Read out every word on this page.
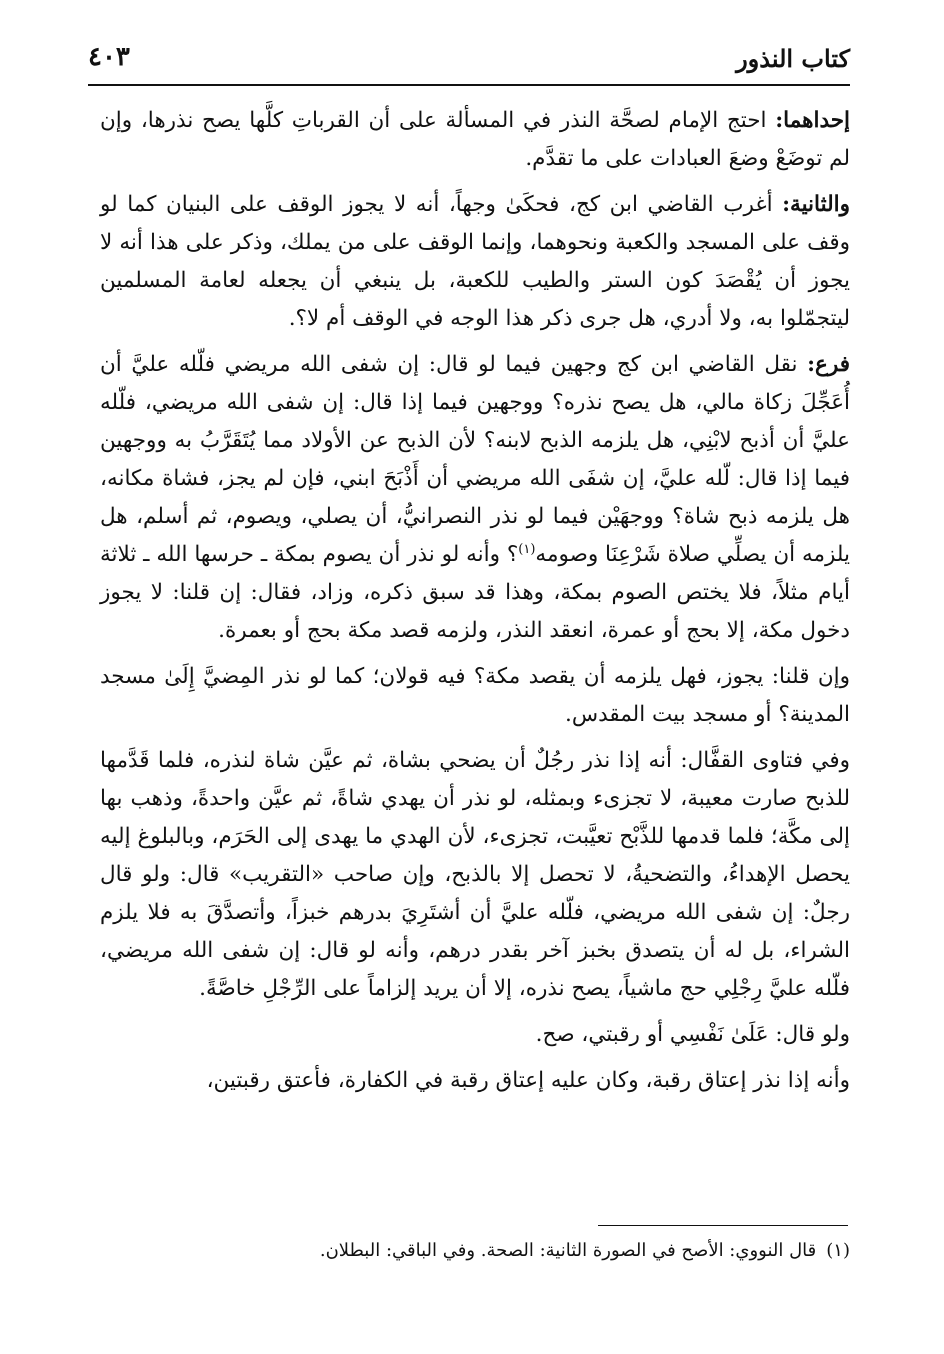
كتاب النذور
٤٠٣

إحداهما: احتج الإمام لصحَّة النذر في المسألة على أن القرباتِ كلَّها يصح نذرها، وإن لم توضَعْ وضعَ العبادات على ما تقدَّم.

والثانية: أغرب القاضي ابن كج، فحكَىٰ وجهاً، أنه لا يجوز الوقف على البنيان كما لو وقف على المسجد والكعبة ونحوهما، وإنما الوقف على من يملك، وذكر على هذا أنه لا يجوز أن يُقْصَدَ كون الستر والطيب للكعبة، بل ينبغي أن يجعله لعامة المسلمين ليتجمّلوا به، ولا أدري، هل جرى ذكر هذا الوجه في الوقف أم لا؟.

فرع: نقل القاضي ابن كج وجهين فيما لو قال: إن شفى الله مريضي فلّله عليَّ أن أُعَجِّلَ زكاة مالي، هل يصح نذره؟ ووجهين فيما إذا قال: إن شفى الله مريضي، فلّله عليَّ أن أذبح لابْنِي، هل يلزمه الذبح لابنه؟ لأن الذبح عن الأولاد مما يُتَقَرَّبُ به ووجهين فيما إذا قال: لّله عليَّ، إن شفَى الله مريضي أن أَذْبَحَ ابني، فإن لم يجز، فشاة مكانه، هل يلزمه ذبح شاة؟ ووجهَيْن فيما لو نذر النصرانيُّ، أن يصلي، ويصوم، ثم أسلم، هل يلزمه أن يصلِّي صلاة شَرْعِنَا وصومه$^{(١)}$؟ وأنه لو نذر أن يصوم بمكة ـ حرسها الله ـ ثلاثة أيام مثلاً، فلا يختص الصوم بمكة، وهذا قد سبق ذكره، وزاد، فقال: إن قلنا: لا يجوز دخول مكة، إلا بحج أو عمرة، انعقد النذر، ولزمه قصد مكة بحج أو بعمرة.

وإن قلنا: يجوز، فهل يلزمه أن يقصد مكة؟ فيه قولان؛ كما لو نذر المِضيَّ إِلَىٰ مسجد المدينة؟ أو مسجد بيت المقدس.

وفي فتاوى القفَّال: أنه إذا نذر رجُلٌ أن يضحي بشاة، ثم عيَّن شاة لنذره، فلما قَدَّمها للذبح صارت معيبة، لا تجزىء وبمثله، لو نذر أن يهدي شاةً، ثم عيَّن واحدةً، وذهب بها إلى مكَّة؛ فلما قدمها للذَّبْح تعيَّبت، تجزىء، لأن الهدي ما يهدى إلى الحَرَم، وبالبلوغ إليه يحصل الإهداءُ، والتضحيةُ، لا تحصل إلا بالذبح، وإن صاحب «التقريب» قال: ولو قال رجلٌ: إن شفى الله مريضي، فلّله عليَّ أن أشتَرِيَ بدرهم خبزاً، وأتصدَّقَ به فلا يلزم الشراء، بل له أن يتصدق بخبز آخر بقدر درهم، وأنه لو قال: إن شفى الله مريضي، فلّله عليَّ رِجْلِي حج ماشياً، يصح نذره، إلا أن يريد إلزاماً على الرِّجْلِ خاصَّةً.

ولو قال: عَلَىٰ نَفْسِي أو رقبتي، صح.

وأنه إذا نذر إعتاق رقبة، وكان عليه إعتاق رقبة في الكفارة، فأعتق رقبتين،

(١)قال النووي: الأصح في الصورة الثانية: الصحة. وفي الباقي: البطلان.
